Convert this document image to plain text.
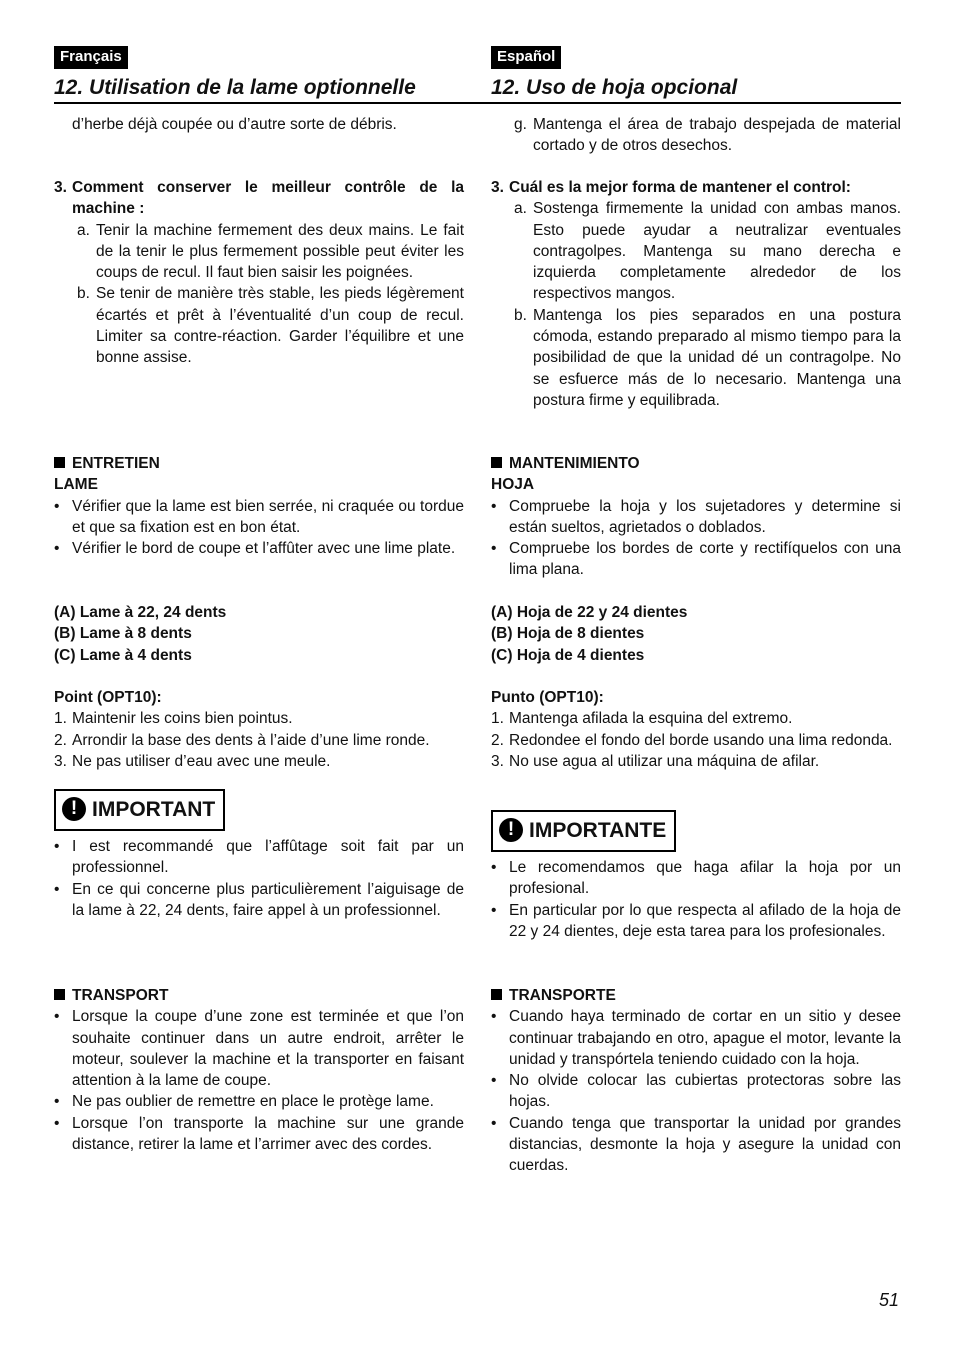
Français
12. Utilisation de la lame optionnelle
d’herbe déjà coupée ou d’autre sorte de débris.
3. Comment conserver le meilleur contrôle de la machine :
a. Tenir la machine fermement des deux mains. Le fait de la tenir le plus fermement possible peut éviter les coups de recul. Il faut bien saisir les poignées.
b. Se tenir de manière très stable, les pieds légèrement écartés et prêt à l’éventualité d’un coup de recul. Limiter sa contre-réaction. Garder l’équilibre et une bonne assise.
ENTRETIEN
LAME
• Vérifier que la lame est bien serrée, ni craquée ou tordue et que sa fixation est en bon état.
• Vérifier le bord de coupe et l’affûter avec une lime plate.
(A) Lame à 22, 24 dents
(B) Lame à 8 dents
(C) Lame à 4 dents
Point (OPT10):
1. Maintenir les coins bien pointus.
2. Arrondir la base des dents à l’aide d’une lime ronde.
3. Ne pas utiliser d’eau avec une meule.
! IMPORTANT
• I est recommandé que l’affûtage soit fait par un professionnel.
• En ce qui concerne plus particulièrement l’aiguisage de la lame à 22, 24 dents, faire appel à un professionnel.
TRANSPORT
• Lorsque la coupe d’une zone est terminée et que l’on souhaite continuer dans un autre endroit, arrêter le moteur, soulever la machine et la transporter en faisant attention à la lame de coupe.
• Ne pas oublier de remettre en place le protège lame.
• Lorsque l’on transporte la machine sur une grande distance, retirer la lame et l’arrimer avec des cordes.
Español
12. Uso de hoja opcional
g. Mantenga el área de trabajo despejada de material cortado y de otros desechos.
3. Cuál es la mejor forma de mantener el control:
a. Sostenga firmemente la unidad con ambas manos. Esto puede ayudar a neutralizar eventuales contragolpes. Mantenga su mano derecha e izquierda completamente alrededor de los respectivos mangos.
b. Mantenga los pies separados en una postura cómoda, estando preparado al mismo tiempo para la posibilidad de que la unidad dé un contragolpe. No se esfuerce más de lo necesario. Mantenga una postura firme y equilibrada.
MANTENIMIENTO
HOJA
• Compruebe la hoja y los sujetadores y determine si están sueltos, agrietados o doblados.
• Compruebe los bordes de corte y rectifíquelos con una lima plana.
(A) Hoja de 22 y 24 dientes
(B) Hoja de 8 dientes
(C) Hoja de 4 dientes
Punto (OPT10):
1. Mantenga afilada la esquina del extremo.
2. Redondee el fondo del borde usando una lima redonda.
3. No use agua al utilizar una máquina de afilar.
! IMPORTANTE
• Le recomendamos que haga afilar la hoja por un profesional.
• En particular por lo que respecta al afilado de la hoja de 22 y 24 dientes, deje esta tarea para los profesionales.
TRANSPORTE
• Cuando haya terminado de cortar en un sitio y desee continuar trabajando en otro, apague el motor, levante la unidad y transpórtela teniendo cuidado con la hoja.
• No olvide colocar las cubiertas protectoras sobre las hojas.
• Cuando tenga que transportar la unidad por grandes distancias, desmonte la hoja y asegure la unidad con cuerdas.
51
